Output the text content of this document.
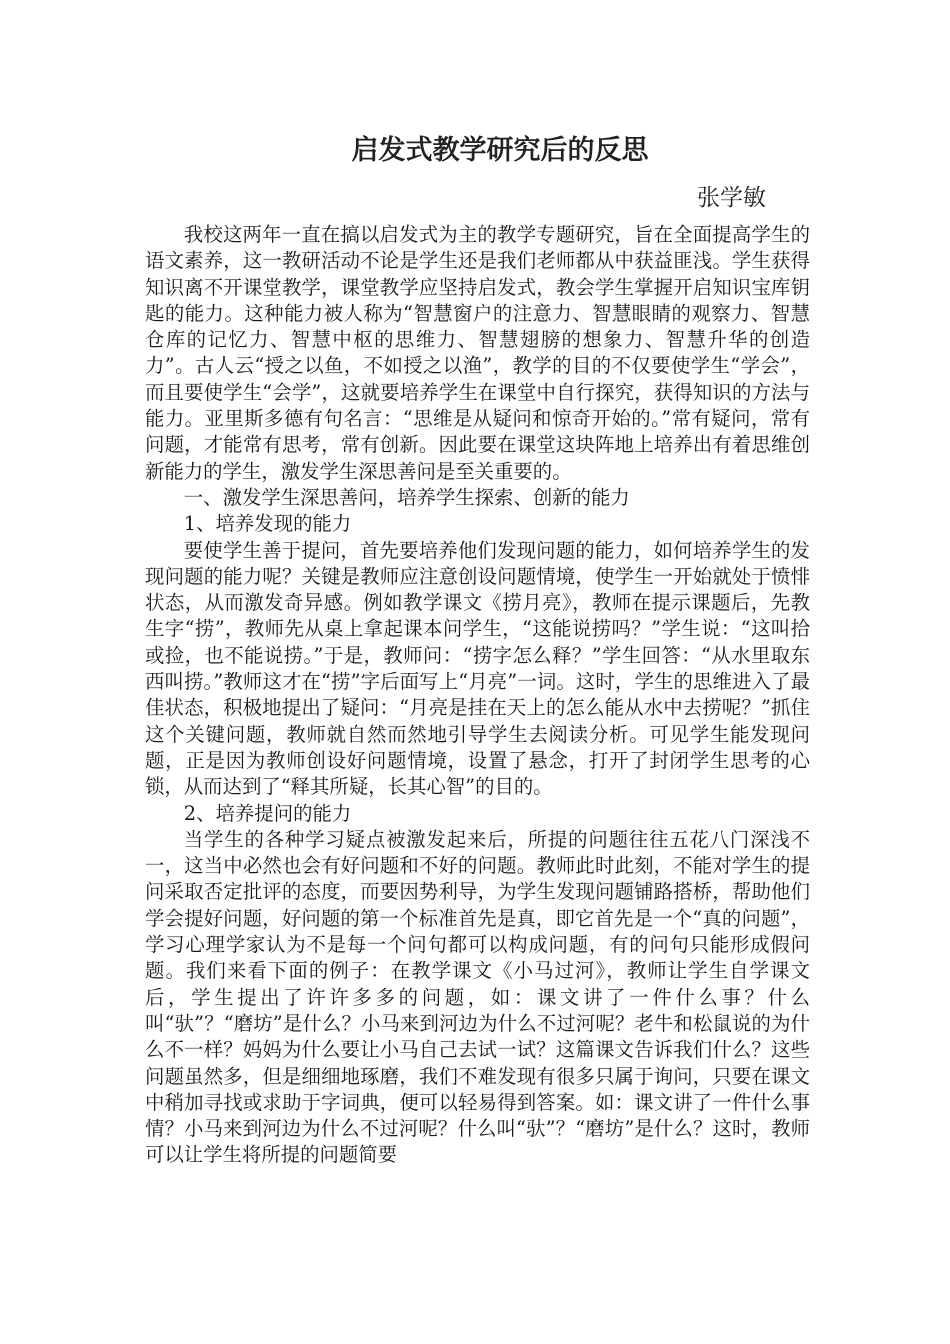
启发式教学研究后的反思
张学敏

我校这两年一直在搞以启发式为主的教学专题研究，旨在全面提高学生的语文素养，这一教研活动不论是学生还是我们老师都从中获益匪浅。学生获得知识离不开课堂教学，课堂教学应坚持启发式，教会学生掌握开启知识宝库钥匙的能力。这种能力被人称为“智慧窗户的注意力、智慧眼睛的观察力、智慧仓库的记忆力、智慧中枢的思维力、智慧翅膀的想象力、智慧升华的创造力”。古人云“授之以鱼，不如授之以渔”，教学的目的不仅要使学生“学会”，而且要使学生“会学”，这就要培养学生在课堂中自行探究，获得知识的方法与能力。亚里斯多德有句名言：“思维是从疑问和惊奇开始的。”常有疑问，常有问题，才能常有思考，常有创新。因此要在课堂这块阵地上培养出有着思维创新能力的学生，激发学生深思善问是至关重要的。

一、激发学生深思善问，培养学生探索、创新的能力

1、培养发现的能力

要使学生善于提问，首先要培养他们发现问题的能力，如何培养学生的发现问题的能力呢？关键是教师应注意创设问题情境，使学生一开始就处于愤悱状态，从而激发奇异感。例如教学课文《捞月亮》，教师在提示课题后，先教生字“捞”，教师先从桌上拿起课本问学生，“这能说捞吗？”学生说：“这叫拾或捡，也不能说捞。”于是，教师问：“捞字怎么释？”学生回答：“从水里取东西叫捞。”教师这才在“捞”字后面写上“月亮”一词。这时，学生的思维进入了最佳状态，积极地提出了疑问：“月亮是挂在天上的怎么能从水中去捞呢？”抓住这个关键问题，教师就自然而然地引导学生去阅读分析。可见学生能发现问题，正是因为教师创设好问题情境，设置了悬念，打开了封闭学生思考的心锁，从而达到了“释其所疑，长其心智”的目的。

2、培养提问的能力

当学生的各种学习疑点被激发起来后，所提的问题往往五花八门深浅不一，这当中必然也会有好问题和不好的问题。教师此时此刻，不能对学生的提问采取否定批评的态度，而要因势利导，为学生发现问题铺路搭桥，帮助他们学会提好问题，好问题的第一个标准首先是真，即它首先是一个“真的问题”，学习心理学家认为不是每一个问句都可以构成问题，有的问句只能形成假问题。我们来看下面的例子：在教学课文《小马过河》，教师让学生自学课文后，学生提出了许许多多的问题，如：课文讲了一件什么事？什么叫“驮”？“磨坊”是什么？小马来到河边为什么不过河呢？老牛和松鼠说的为什么不一样？妈妈为什么要让小马自己去试一试？这篇课文告诉我们什么？这些问题虽然多，但是细细地琢磨，我们不难发现有很多只属于询问，只要在课文中稍加寻找或求助于字词典，便可以轻易得到答案。如：课文讲了一件什么事情？小马来到河边为什么不过河呢？什么叫“驮”？“磨坊”是什么？这时，教师可以让学生将所提的问题简要
